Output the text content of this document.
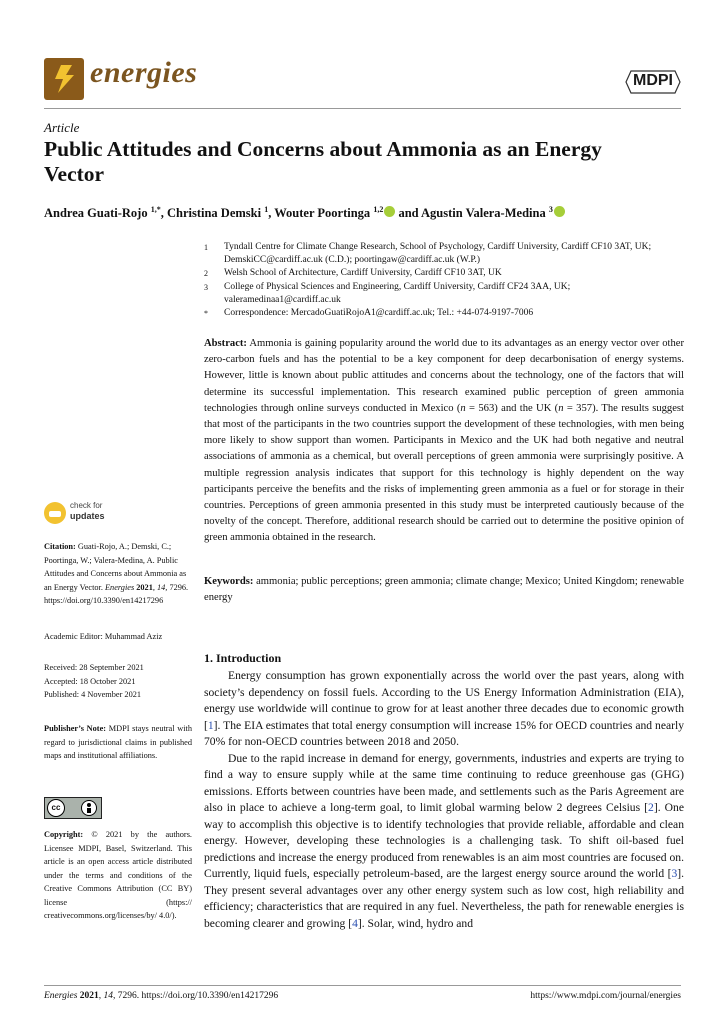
energies	MDPI
Article
Public Attitudes and Concerns about Ammonia as an Energy Vector
Andrea Guati-Rojo $^{1,*}$, Christina Demski $^1$, Wouter Poortinga $^{1,2}$ and Agustin Valera-Medina $^3$
1 Tyndall Centre for Climate Change Research, School of Psychology, Cardiff University, Cardiff CF10 3AT, UK; DemskiCC@cardiff.ac.uk (C.D.); poortingaw@cardiff.ac.uk (W.P.)
2 Welsh School of Architecture, Cardiff University, Cardiff CF10 3AT, UK
3 College of Physical Sciences and Engineering, Cardiff University, Cardiff CF24 3AA, UK; valeramedinaa1@cardiff.ac.uk
* Correspondence: MercadoGuatiRojoA1@cardiff.ac.uk; Tel.: +44-074-9197-7006
Abstract: Ammonia is gaining popularity around the world due to its advantages as an energy vector over other zero-carbon fuels and has the potential to be a key component for deep decarbonisation of energy systems. However, little is known about public attitudes and concerns about the technology, one of the factors that will determine its successful implementation. This research examined public perception of green ammonia technologies through online surveys conducted in Mexico (n = 563) and the UK (n = 357). The results suggest that most of the participants in the two countries support the development of these technologies, with men being more likely to show support than women. Participants in Mexico and the UK had both negative and neutral associations of ammonia as a chemical, but overall perceptions of green ammonia were surprisingly positive. A multiple regression analysis indicates that support for this technology is highly dependent on the way participants perceive the benefits and the risks of implementing green ammonia as a fuel or for storage in their countries. Perceptions of green ammonia presented in this study must be interpreted cautiously because of the novelty of the concept. Therefore, additional research should be carried out to determine the positive opinion of green ammonia obtained in the research.
Keywords: ammonia; public perceptions; green ammonia; climate change; Mexico; United Kingdom; renewable energy
check for
updates
Citation: Guati-Rojo, A.; Demski, C.; Poortinga, W.; Valera-Medina, A. Public Attitudes and Concerns about Ammonia as an Energy Vector. Energies 2021, 14, 7296. https://doi.org/10.3390/en14217296
Academic Editor: Muhammad Aziz
Received: 28 September 2021
Accepted: 18 October 2021
Published: 4 November 2021
Publisher’s Note: MDPI stays neutral with regard to jurisdictional claims in published maps and institutional affiliations.
cc
Copyright: © 2021 by the authors. Licensee MDPI, Basel, Switzerland. This article is an open access article distributed under the terms and conditions of the Creative Commons Attribution (CC BY) license (https:// creativecommons.org/licenses/by/ 4.0/).
1. Introduction

Energy consumption has grown exponentially across the world over the past years, along with society’s dependency on fossil fuels. According to the US Energy Information Administration (EIA), energy use worldwide will continue to grow for at least another three decades due to economic growth [1]. The EIA estimates that total energy consumption will increase 15% for OECD countries and nearly 70% for non-OECD countries between 2018 and 2050.

Due to the rapid increase in demand for energy, governments, industries and experts are trying to find a way to ensure supply while at the same time continuing to reduce greenhouse gas (GHG) emissions. Efforts between countries have been made, and settlements such as the Paris Agreement are also in place to achieve a long-term goal, to limit global warming below 2 degrees Celsius [2]. One way to accomplish this objective is to identify technologies that provide reliable, affordable and clean energy. However, developing these technologies is a challenging task. To shift oil-based fuel predictions and increase the energy produced from renewables is an aim most countries are focused on. Currently, liquid fuels, especially petroleum-based, are the largest energy source around the world [3]. They present several advantages over any other energy system such as low cost, high reliability and efficiency; characteristics that are required in any fuel. Nevertheless, the path for renewable energies is becoming clearer and growing [4]. Solar, wind, hydro and

Energies 2021, 14, 7296. https://doi.org/10.3390/en14217296	https://www.mdpi.com/journal/energies
